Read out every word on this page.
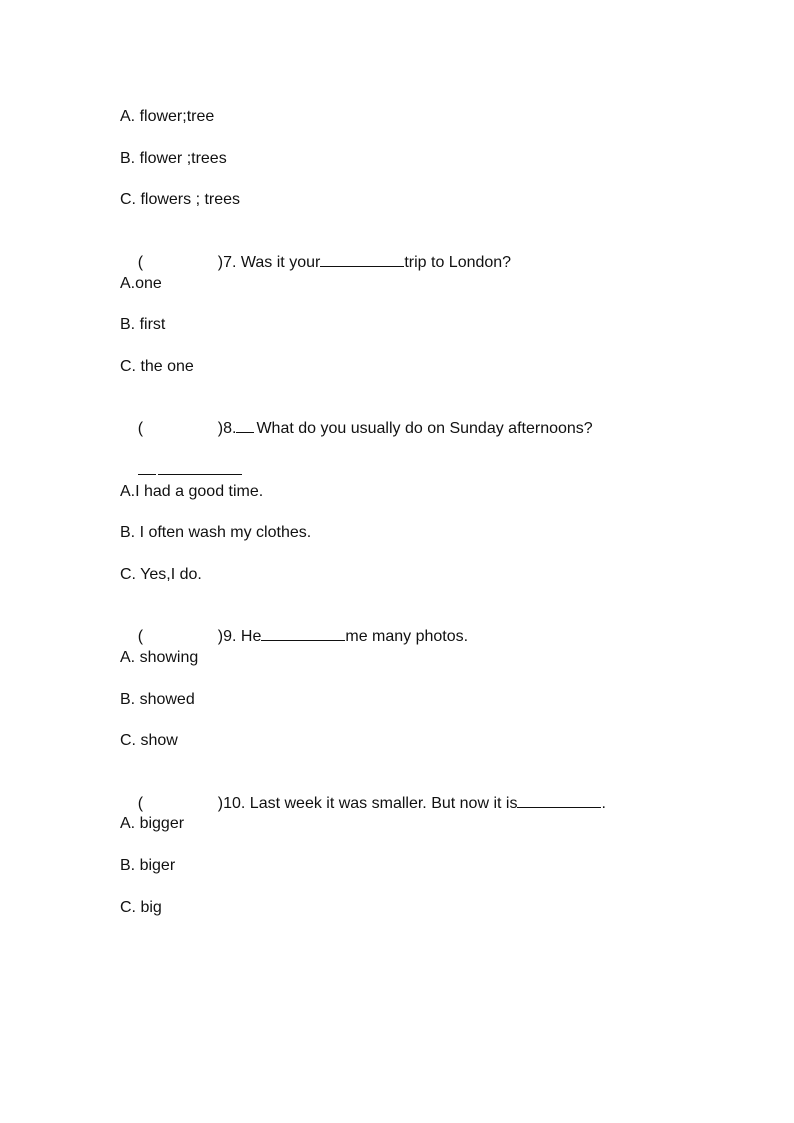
A. flower;tree
B. flower ;trees
C. flowers ; trees

(	)7. Was it your	trip to London?

A.one
B. first
C. the one

(	)8. What do you usually do on Sunday afternoons?

A.I had a good time.
B. I often wash my clothes.
C. Yes,I do.

(	)9. He	me many photos.

A. showing
B. showed
C. show

(	)10. Last week it was smaller. But now it is	.

A. bigger
B. biger
C. big
